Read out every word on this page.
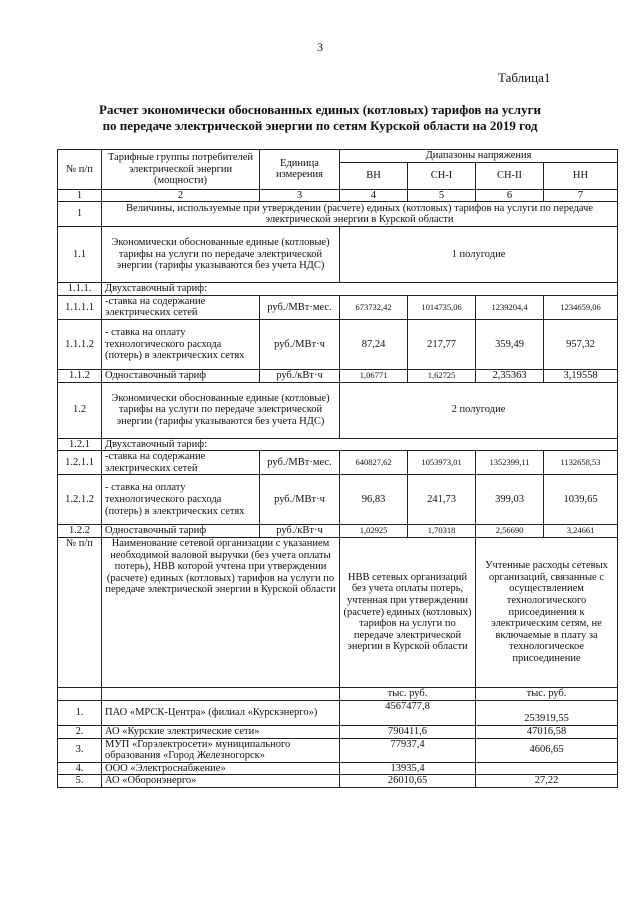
3
Таблица1
Расчет экономически обоснованных единых (котловых) тарифов на услуги
по передаче электрической энергии по сетям Курской области на 2019 год
№ п/п	Тарифные группы потребителей электрической энергии (мощности)	Единица измерения	Диапазоны напряжения			
			ВН	СН-I	СН-II	НН
1	2	3	4	5	6	7
1	Величины, используемые при утверждении (расчете) единых (котловых) тарифов на услуги по передаче электрической энергии в Курской области					
1.1	Экономически обоснованные единые (котловые) тарифы на услуги по передаче электрической энергии (тарифы указываются без учета НДС)		1 полугодие			
1.1.1.	Двухставочный тариф:					
1.1.1.1	-ставка на содержание электрических сетей	руб./МВт·мес.	673732,42	1014735,06	1239204,4	1234659,06
1.1.1.2	- ставка на оплату технологического расхода (потерь) в электрических сетях	руб./МВт·ч	87,24	217,77	359,49	957,32
1.1.2	Одноставочный тариф	руб./кВт·ч	1,06771	1,62725	2,35363	3,19558
1.2	Экономически обоснованные единые (котловые) тарифы на услуги по передаче электрической энергии (тарифы указываются без учета НДС)		2 полугодие			
1.2.1	Двухставочный тариф:					
1.2.1.1	-ставка на содержание электрических сетей	руб./МВт·мес.	640827,62	1053973,01	1352399,11	1132658,53
1.2.1.2	- ставка на оплату технологического расхода (потерь) в электрических сетях	руб./МВт·ч	96,83	241,73	399,03	1039,65
1.2.2	Одноставочный тариф	руб./кВт·ч	1,02925	1,70318	2,56690	3,24661
№ п/п	Наименование сетевой организации с указанием необходимой валовой выручки (без учета оплаты потерь), НВВ которой учтена при утверждении (расчете) единых (котловых) тарифов на услуги по передаче электрической энергии в Курской области		НВВ сетевых организаций без учета оплаты потерь, учтенная при утверждении (расчете) единых (котловых) тарифов на услуги по передаче электрической энергии в Курской области		Учтенные расходы сетевых организаций, связанные с осуществлением технологического присоединения к электрическим сетям, не включаемые в плату за технологическое присоединение	
			тыс. руб.		тыс. руб.	
1.	ПАО «МРСК-Центра» (филиал «Курскэнерго»)		4567477,8		253919,55	
2.	АО «Курские электрические сети»		790411,6		47016,58	
3.	МУП «Горэлектросети» муниципального образования «Город Железногорск»		77937,4		4606,65	
4.	ООО «Электроснабжение»		13935,4			
5.	АО «Оборонэнерго»		26010,65		27,22	
